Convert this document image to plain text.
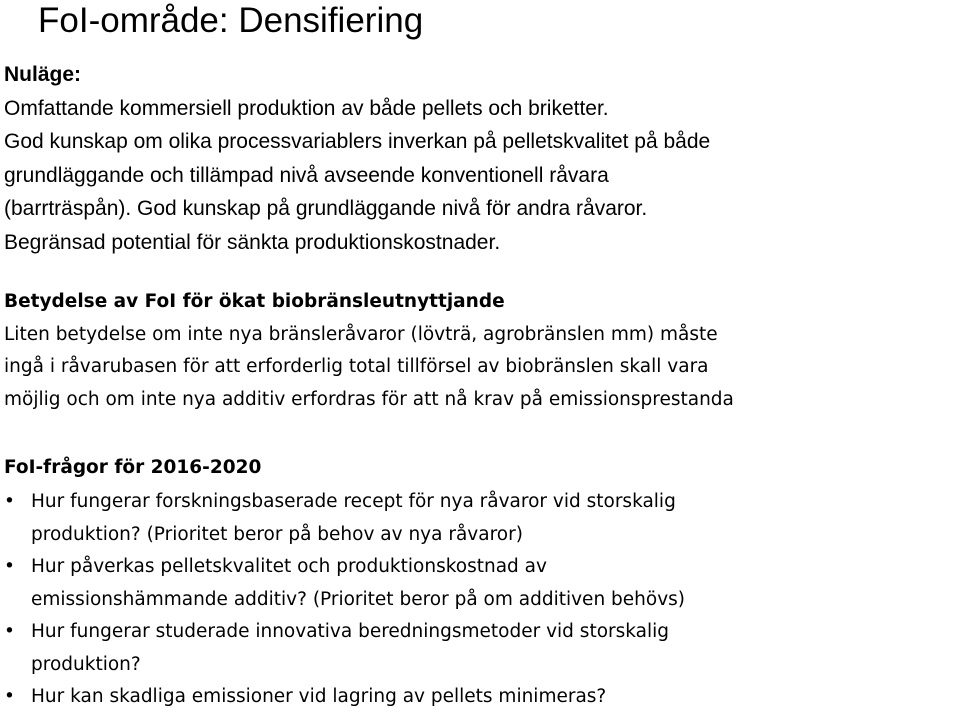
FoI-område: Densifiering
Nuläge:
Omfattande kommersiell produktion av både pellets och briketter.
God kunskap om olika processvariablers inverkan på pelletskvalitet på både
grundläggande och tillämpad nivå avseende konventionell råvara
(barrträspån). God kunskap på grundläggande nivå för andra råvaror.
Begränsad potential för sänkta produktionskostnader.
Betydelse av FoI för ökat biobränsleutnyttjande
Liten betydelse om inte nya bränsleråvaror (lövträ, agrobränslen mm) måste
ingå i råvarubasen för att erforderlig total tillförsel av biobränslen skall vara
möjlig och om inte nya additiv erfordras för att nå krav på emissionsprestanda
FoI-frågor för 2016-2020
• Hur fungerar forskningsbaserade recept för nya råvaror vid storskalig
produktion? (Prioritet beror på behov av nya råvaror)
• Hur påverkas pelletskvalitet och produktionskostnad av
emissionshämmande additiv? (Prioritet beror på om additiven behövs)
• Hur fungerar studerade innovativa beredningsmetoder vid storskalig
produktion?
• Hur kan skadliga emissioner vid lagring av pellets minimeras?
